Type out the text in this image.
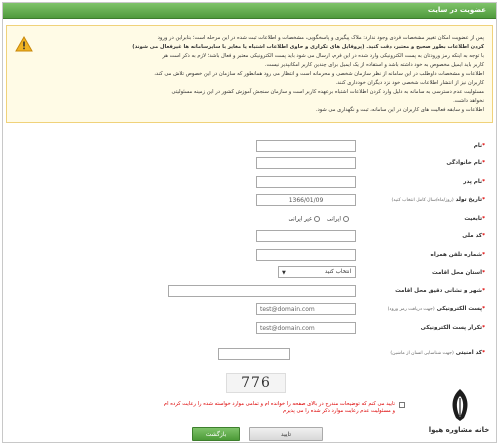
عضویت در سایت
پس از عضویت امکان تغییر مشخصات فردی وجود ندارد: ملاک پیگیری و پاسخگویی، مشخصات و اطلاعات ثبت شده در این مرحله است؛ بنابراین در ورود
کردن اطلاعات بطور صحیح و معتبر، دقت کنید. (پروفایل های تکراری و حاوی اطلاعات اشتباه یا مغایر با سایرسامانه ها غیرفعال می شوند)
با توجه به اینکه رمز ورودتان به پست الکترونیکی وارد شده در این فرم، ارسال می شود باید پست الکترونیکی معتبر و فعال باشد؛ لازم به ذکر است هر
کاربر باید ایمیل مخصوص به خود داشته باشد و استفاده از یک ایمیل برای چندین کاربر امکانپذیر نیست.
اطلاعات و مشخصات داوطلب در این سامانه از نظر سازمان شخصی و محرمانه است و انتظار می رود همانطور که سازمان در این خصوص تلاش می کند،
کاربران نیز از انتشار اطلاعات شخصی خود نزد دیگران خودداری کنند.
مسئولیت عدم دسترسی به سامانه به دلیل وارد کردن اطلاعات اشتباه برعهده کاربر است و سازمان سنجش آموزش کشور در این زمینه مسئولیتی
نخواهد داشت.
اطلاعات و سابقه فعالیت های کاربران در این سامانه، ثبت و نگهداری می شود.
*نام
*نام خانوادگی
*نام پدر
*تاریخ تولد (روز/ماه/سال کامل انتخاب کنید)
1366/01/09
*تابعیت
ایرانی    غیر ایرانی
*کد ملی
*شماره تلفن همراه
*استان محل اقامت
انتخاب کنید
▼
*شهر و نشانی دقیق محل اقامت
*پست الکترونیکی (جهت دریافت رمز ورود)
test@domain.com
*تکرار پست الکترونیکی
test@domain.com
*کد امنیتی (جهت شناسایی انسان از ماشین)
776
تایید می کنم که توضیحات مندرج در بالای صفحه را خوانده ام و تمامی موارد خواسته شده را رعایت کرده ام
و مسئولیت عدم رعایت موارد ذکر شده را می پذیرم
بازگشت	تایید
خانه مشاوره هیوا
